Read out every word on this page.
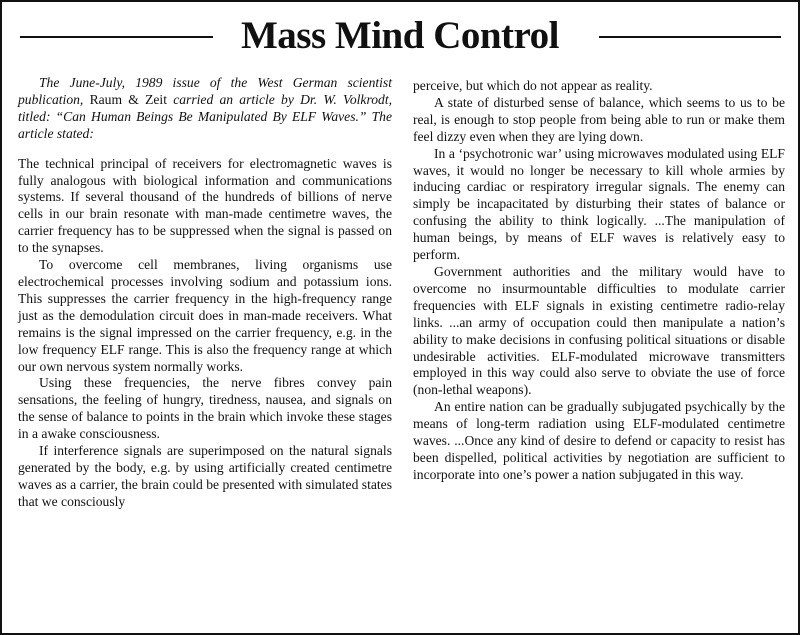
Mass Mind Control

The June-July, 1989 issue of the West German scientist publication, Raum & Zeit carried an article by Dr. W. Volkrodt, titled: “Can Human Beings Be Manipulated By ELF Waves.” The article stated:

The technical principal of receivers for electromagnetic waves is fully analogous with biological information and communications systems. If several thousand of the hundreds of billions of nerve cells in our brain resonate with man-made centimetre waves, the carrier frequency has to be suppressed when the signal is passed on to the synapses.

To overcome cell membranes, living organisms use electrochemical processes involving sodium and potassium ions. This suppresses the carrier frequency in the high-frequency range just as the demodulation circuit does in man-made receivers. What remains is the signal impressed on the carrier frequency, e.g. in the low frequency ELF range. This is also the frequency range at which our own nervous system normally works.

Using these frequencies, the nerve fibres convey pain sensations, the feeling of hungry, tiredness, nausea, and signals on the sense of balance to points in the brain which invoke these stages in a awake consciousness.

If interference signals are superimposed on the natural signals generated by the body, e.g. by using artificially created centimetre waves as a carrier, the brain could be presented with simulated states that we consciously

perceive, but which do not appear as reality.

A state of disturbed sense of balance, which seems to us to be real, is enough to stop people from being able to run or make them feel dizzy even when they are lying down.

In a ‘psychotronic war’ using microwaves modulated using ELF waves, it would no longer be necessary to kill whole armies by inducing cardiac or respiratory irregular signals. The enemy can simply be incapacitated by disturbing their states of balance or confusing the ability to think logically. ...The manipulation of human beings, by means of ELF waves is relatively easy to perform.

Government authorities and the military would have to overcome no insurmountable difficulties to modulate carrier frequencies with ELF signals in existing centimetre radio-relay links. ...an army of occupation could then manipulate a nation’s ability to make decisions in confusing political situations or disable undesirable activities. ELF-modulated microwave transmitters employed in this way could also serve to obviate the use of force (non-lethal weapons).

An entire nation can be gradually subjugated psychically by the means of long-term radiation using ELF-modulated centimetre waves. ...Once any kind of desire to defend or capacity to resist has been dispelled, political activities by negotiation are sufficient to incorporate into one’s power a nation subjugated in this way.
